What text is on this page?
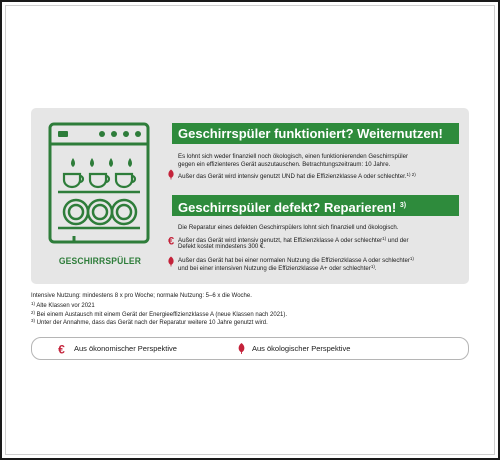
GESCHIRRSPÜLER
Geschirrspüler funktioniert? Weiternutzen!
Es lohnt sich weder finanziell noch ökologisch, einen funktionierenden Geschirrspüler
gegen ein effizienteres Gerät auszutauschen. Betrachtungszeitraum: 10 Jahre.
Außer das Gerät wird intensiv genutzt UND hat die Effizienzklasse A oder schlechter.$^{1) 2)}$
Geschirrspüler defekt? Reparieren! $^{3)}$
Die Reparatur eines defekten Geschirrspülers lohnt sich finanziell und ökologisch.
€ Außer das Gerät wird intensiv genutzt, hat Effizienzklasse A oder schlechter$^{1)}$ und der
Defekt kostet mindestens 300 €.
Außer das Gerät hat bei einer normalen Nutzung die Effizienzklasse A oder schlechter$^{1)}$
und bei einer intensiven Nutzung die Effizienzklasse A+ oder schlechter$^{1)}$.
Intensive Nutzung: mindestens 8 x pro Woche; normale Nutzung: 5–6 x die Woche.
$^{1)}$ Alte Klassen vor 2021
$^{2)}$ Bei einem Austausch mit einem Gerät der Energieeffizienzklasse A (neue Klassen nach 2021).
$^{3)}$ Unter der Annahme, dass das Gerät nach der Reparatur weitere 10 Jahre genutzt wird.
€ Aus ökonomischer Perspektive	Aus ökologischer Perspektive
